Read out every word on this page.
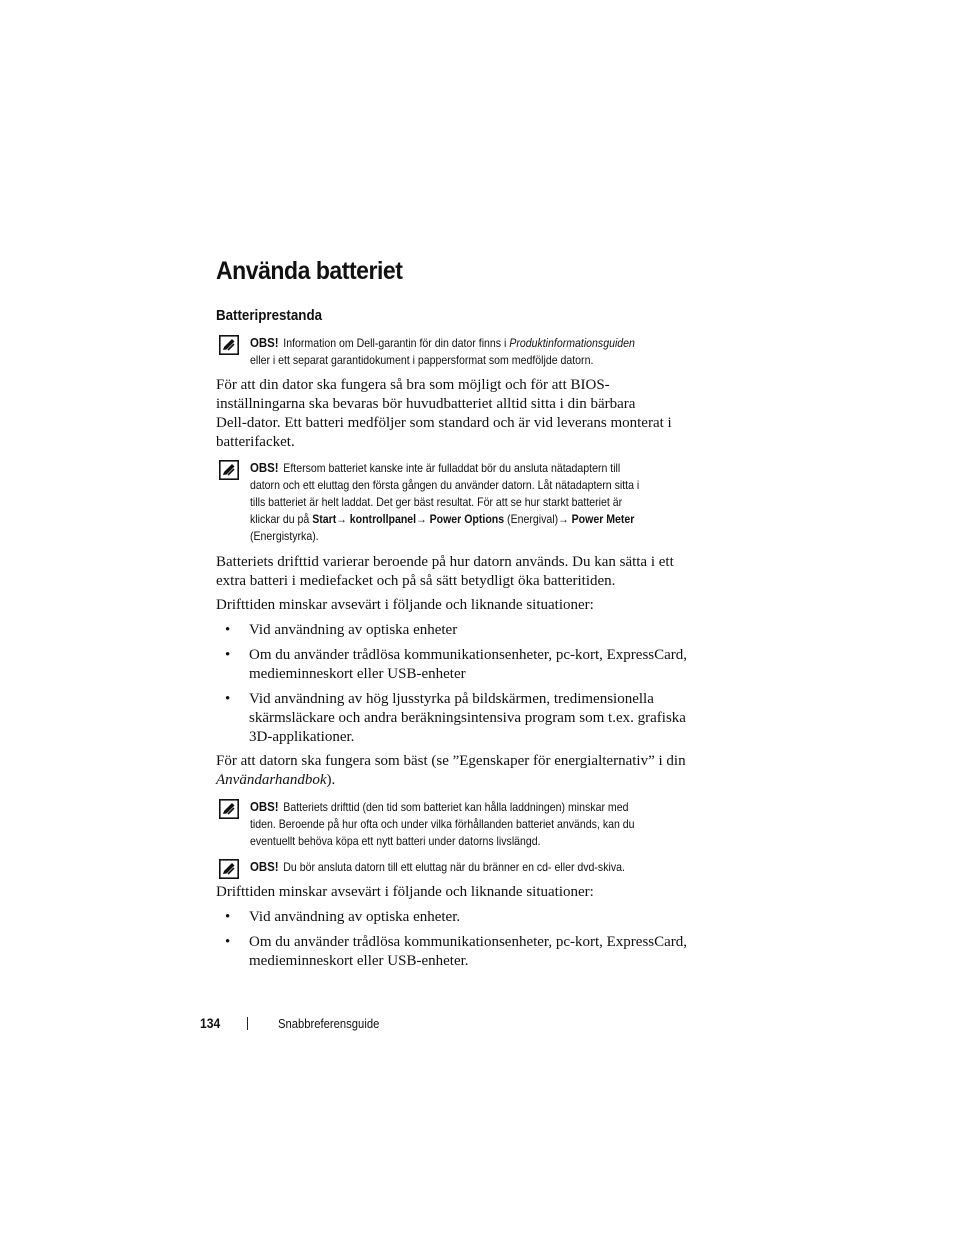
Använda batteriet
Batteriprestanda
OBS! Information om Dell-garantin för din dator finns i Produktinformationsguiden
eller i ett separat garantidokument i pappersformat som medföljde datorn.
För att din dator ska fungera så bra som möjligt och för att BIOS-
inställningarna ska bevaras bör huvudbatteriet alltid sitta i din bärbara
Dell-dator. Ett batteri medföljer som standard och är vid leverans monterat i
batterifacket.
OBS! Eftersom batteriet kanske inte är fulladdat bör du ansluta nätadaptern till
datorn och ett eluttag den första gången du använder datorn. Låt nätadaptern sitta i
tills batteriet är helt laddat. Det ger bäst resultat. För att se hur starkt batteriet är
klickar du på Start→ kontrollpanel→ Power Options (Energival)→ Power Meter
(Energistyrka).
Batteriets drifttid varierar beroende på hur datorn används. Du kan sätta i ett
extra batteri i mediefacket och på så sätt betydligt öka batteritiden.
Drifttiden minskar avsevärt i följande och liknande situationer:
• Vid användning av optiska enheter
• Om du använder trådlösa kommunikationsenheter, pc-kort, ExpressCard,
medieminneskort eller USB-enheter
• Vid användning av hög ljusstyrka på bildskärmen, tredimensionella
skärmsläckare och andra beräkningsintensiva program som t.ex. grafiska
3D-applikationer.
För att datorn ska fungera som bäst (se ”Egenskaper för energialternativ” i din
Användarhandbok).
OBS! Batteriets drifttid (den tid som batteriet kan hålla laddningen) minskar med
tiden. Beroende på hur ofta och under vilka förhållanden batteriet används, kan du
eventuellt behöva köpa ett nytt batteri under datorns livslängd.
OBS! Du bör ansluta datorn till ett eluttag när du bränner en cd- eller dvd-skiva.
Drifttiden minskar avsevärt i följande och liknande situationer:
• Vid användning av optiska enheter.
• Om du använder trådlösa kommunikationsenheter, pc-kort, ExpressCard,
medieminneskort eller USB-enheter.
134	Snabbreferensguide
